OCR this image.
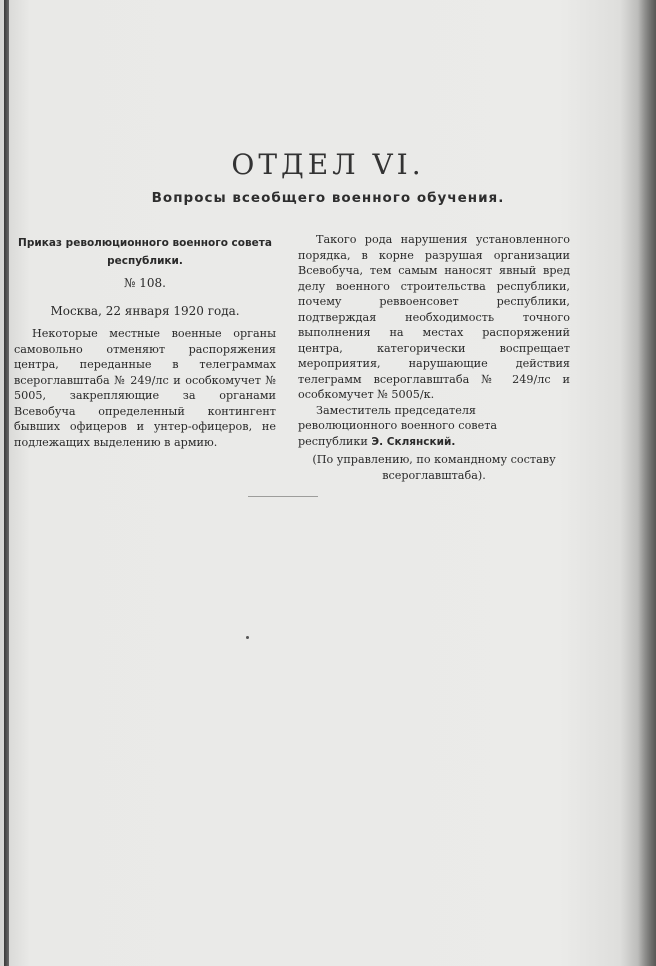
ОТДЕЛ VI.
Вопросы всеобщего военного обучения.
Приказ революционного военного совета республики.
№ 108.
Москва, 22 января 1920 года.

Некоторые местные военные органы самовольно отменяют распоряжения центра, переданные в телеграммах всероглавштаба № 249/лс и особкомучет № 5005, закрепляющие за органами Всевобуча определенный контингент бывших офицеров и унтер-офицеров, не подлежащих выделению в армию.

Такого рода нарушения установленного порядка, в корне разрушая организации Всевобуча, тем самым наносят явный вред делу военного строительства республики, почему реввоенсовет республики, подтверждая необходимость точного выполнения на местах распоряжений центра, категорически воспрещает мероприятия, нарушающие действия телеграмм всероглавштаба № 249/лс и особкомучет № 5005/к.

Заместитель председателя революционного военного совета республики Э. Склянский.

(По управлению, по командному составу всероглавштаба).
